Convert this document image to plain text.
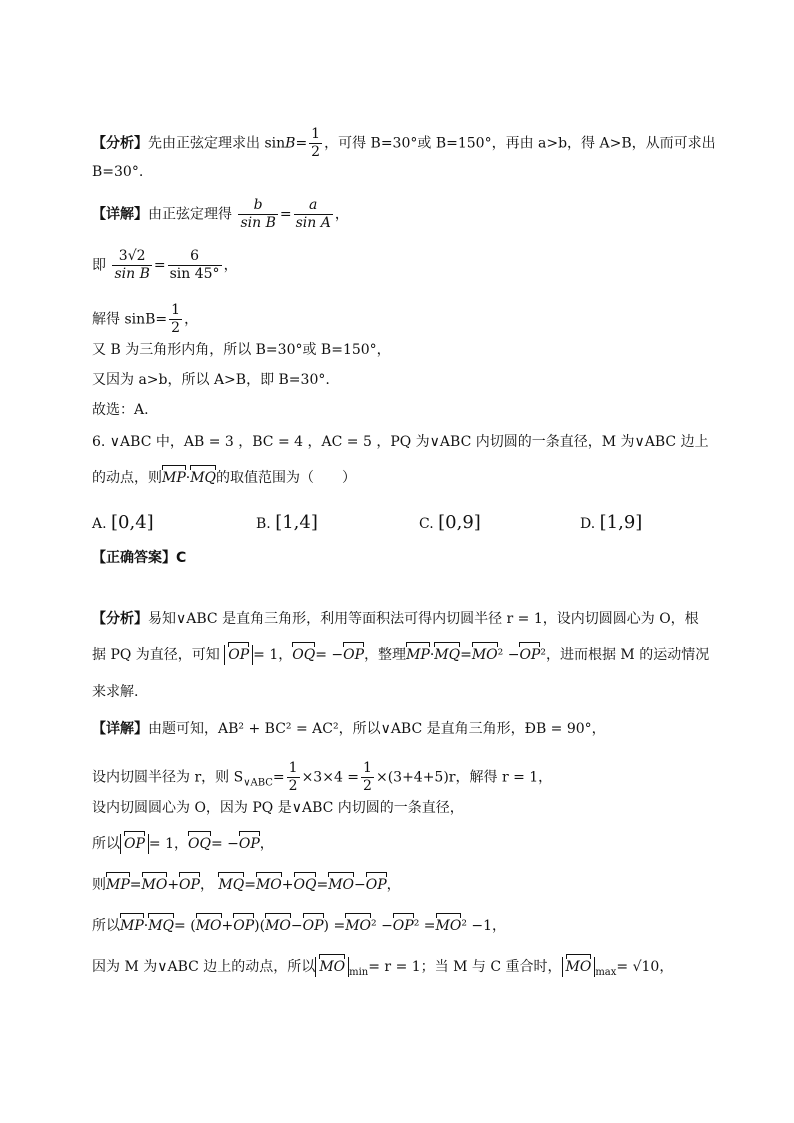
【分析】先由正弦定理求出 $\sin B= \frac{1}{2}$ ，可得 B=30°或 B=150°，再由 a>b，得 A>B，从而可求出
B=30°.
【详解】由正弦定理得 $\frac{b}{\text{sin B}} = \frac{a}{\text{sin A}}$ ，
即 $\frac{3√2}{\text{sin B}} = \frac{6}{\sin 45^\circ}$ ，
解得 $\sin B= \frac{1}{2}$ ，
又 B 为三角形内角，所以 B=30°或 B=150°，
又因为 a>b，所以 A>B，即 B=30°.
故选：A.
6. ∨ABC 中，AB = 3 ，BC = 4 ，AC = 5 ，PQ 为∨ABC 内切圆的一条直径，M 为∨ABC 边上
的动点，则MP·MQ的取值范围为（　　）
A. [0,4]	B. [1,4]	C. [0,9]	D. [1,9]
【正确答案】C
【分析】易知∨ABC 是直角三角形，利用等面积法可得内切圆半径 r = 1，设内切圆圆心为 O，根
据 PQ 为直径，可知 OP = 1，OQ= −OP，整理MP·MQ=MO² −OP²，进而根据 M 的运动情况
来求解.
【详解】由题可知，AB² + BC² = AC²，所以∨ABC 是直角三角形，ÐB = 90°，
设内切圆半径为 r，则 $S_{\vee ABC}= \frac{1}{2} \times 3\times 4 = \frac{1}{2} \times(3+4+5)r$，解得 r = 1，
设内切圆圆心为 O，因为 PQ 是∨ABC 内切圆的一条直径，
所以 OP = 1，OQ= −OP，
则MP=MO+OP， MQ=MO+OQ=MO−OP，
所以MP·MQ= (MO+OP)(MO−OP) =MO² −OP² =MO² −1，
因为 M 为∨ABC 边上的动点，所以 MO $_{min}$= r = 1；当 M 与 C 重合时， MO $_{max}$= √10，
